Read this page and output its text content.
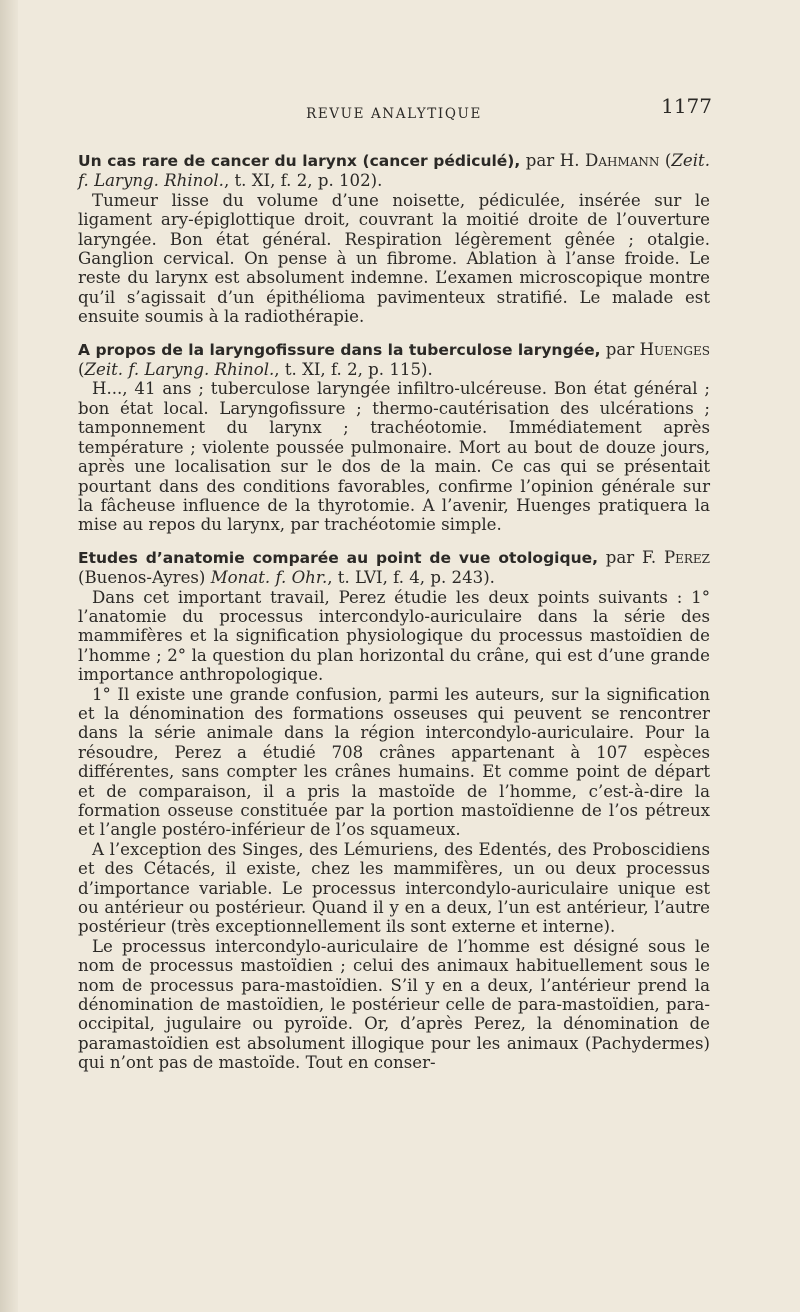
REVUE ANALYTIQUE	1177

Un cas rare de cancer du larynx (cancer pédiculé), par H. Dahmann (Zeit. f. Laryng. Rhinol., t. XI, f. 2, p. 102).

Tumeur lisse du volume d’une noisette, pédiculée, insérée sur le ligament ary-épiglottique droit, couvrant la moitié droite de l’ouverture laryngée. Bon état général. Respiration légèrement gênée ; otalgie. Ganglion cervical. On pense à un fibrome. Ablation à l’anse froide. Le reste du larynx est absolument indemne. L’examen microscopique montre qu’il s’agissait d’un épithélioma pavimenteux stratifié. Le malade est ensuite soumis à la radiothérapie.

A propos de la laryngofissure dans la tuberculose laryngée, par Huenges (Zeit. f. Laryng. Rhinol., t. XI, f. 2, p. 115).

H..., 41 ans ; tuberculose laryngée infiltro-ulcéreuse. Bon état général ; bon état local. Laryngofissure ; thermo-cautérisation des ulcérations ; tamponnement du larynx ; trachéotomie. Immédiatement après température ; violente poussée pulmonaire. Mort au bout de douze jours, après une localisation sur le dos de la main. Ce cas qui se présentait pourtant dans des conditions favorables, confirme l’opinion générale sur la fâcheuse influence de la thyrotomie. A l’avenir, Huenges pratiquera la mise au repos du larynx, par trachéotomie simple.

Etudes d’anatomie comparée au point de vue otologique, par F. Perez (Buenos-Ayres) Monat. f. Ohr., t. LVI, f. 4, p. 243).

Dans cet important travail, Perez étudie les deux points suivants : 1° l’anatomie du processus intercondylo-auriculaire dans la série des mammifères et la signification physiologique du processus mastoïdien de l’homme ; 2° la question du plan horizontal du crâne, qui est d’une grande importance anthropologique.

1° Il existe une grande confusion, parmi les auteurs, sur la signification et la dénomination des formations osseuses qui peuvent se rencontrer dans la série animale dans la région intercondylo-auriculaire. Pour la résoudre, Perez a étudié 708 crânes appartenant à 107 espèces différentes, sans compter les crânes humains. Et comme point de départ et de comparaison, il a pris la mastoïde de l’homme, c’est-à-dire la formation osseuse constituée par la portion mastoïdienne de l’os pétreux et l’angle postéro-inférieur de l’os squameux.

A l’exception des Singes, des Lémuriens, des Edentés, des Proboscidiens et des Cétacés, il existe, chez les mammifères, un ou deux processus d’importance variable. Le processus intercondylo-auriculaire unique est ou antérieur ou postérieur. Quand il y en a deux, l’un est antérieur, l’autre postérieur (très exceptionnellement ils sont externe et interne).

Le processus intercondylo-auriculaire de l’homme est désigné sous le nom de processus mastoïdien ; celui des animaux habituellement sous le nom de processus para-mastoïdien. S’il y en a deux, l’antérieur prend la dénomination de mastoïdien, le postérieur celle de para-mastoïdien, para-occipital, jugulaire ou pyroïde. Or, d’après Perez, la dénomination de paramastoïdien est absolument illogique pour les animaux (Pachydermes) qui n’ont pas de mastoïde. Tout en conser-
